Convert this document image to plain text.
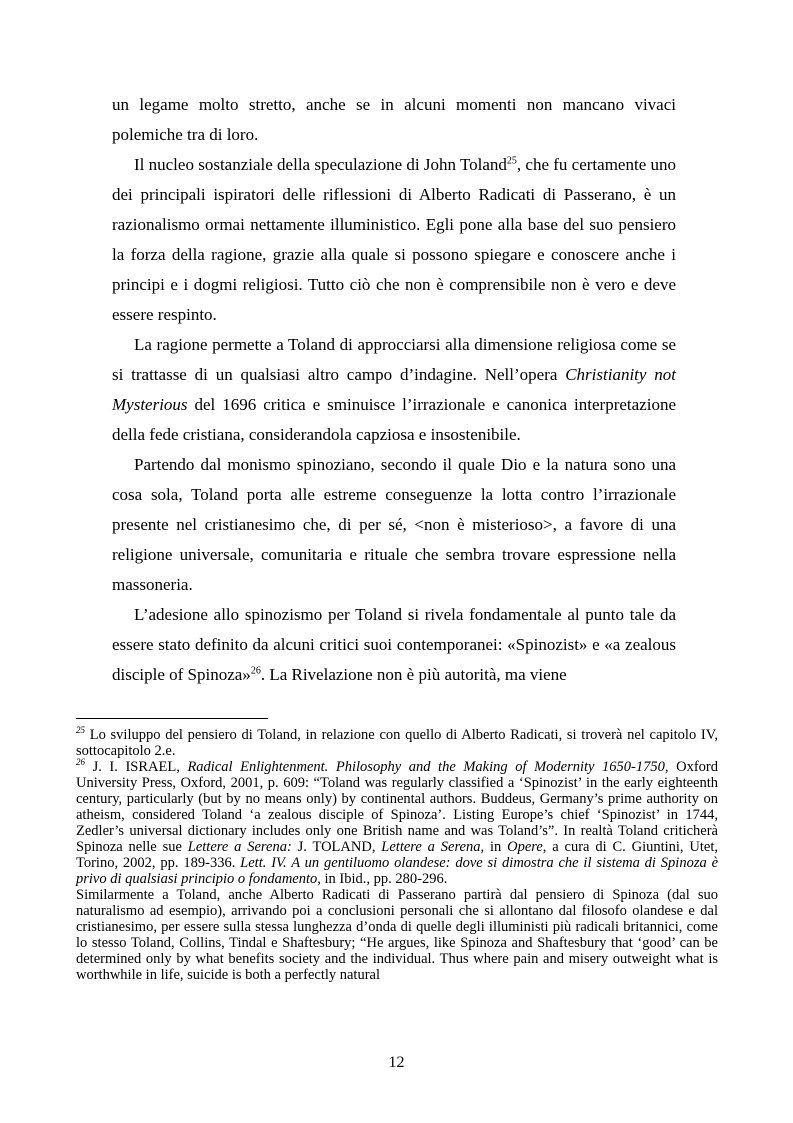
un legame molto stretto, anche se in alcuni momenti non mancano vivaci polemiche tra di loro.

Il nucleo sostanziale della speculazione di John Toland$^{25}$, che fu certamente uno dei principali ispiratori delle riflessioni di Alberto Radicati di Passerano, è un razionalismo ormai nettamente illuministico. Egli pone alla base del suo pensiero la forza della ragione, grazie alla quale si possono spiegare e conoscere anche i principi e i dogmi religiosi. Tutto ciò che non è comprensibile non è vero e deve essere respinto.

La ragione permette a Toland di approcciarsi alla dimensione religiosa come se si trattasse di un qualsiasi altro campo d’indagine. Nell’opera Christianity not Mysterious del 1696 critica e sminuisce l’irrazionale e canonica interpretazione della fede cristiana, considerandola capziosa e insostenibile.

Partendo dal monismo spinoziano, secondo il quale Dio e la natura sono una cosa sola, Toland porta alle estreme conseguenze la lotta contro l’irrazionale presente nel cristianesimo che, di per sé, <non è misterioso>, a favore di una religione universale, comunitaria e rituale che sembra trovare espressione nella massoneria.

L’adesione allo spinozismo per Toland si rivela fondamentale al punto tale da essere stato definito da alcuni critici suoi contemporanei: «Spinozist» e «a zealous disciple of Spinoza»$^{26}$. La Rivelazione non è più autorità, ma viene

$^{25}$ Lo sviluppo del pensiero di Toland, in relazione con quello di Alberto Radicati, si troverà nel capitolo IV, sottocapitolo 2.e.

$^{26}$ J. I. ISRAEL, Radical Enlightenment. Philosophy and the Making of Modernity 1650-1750, Oxford University Press, Oxford, 2001, p. 609: “Toland was regularly classified a ‘Spinozist’ in the early eighteenth century, particularly (but by no means only) by continental authors. Buddeus, Germany’s prime authority on atheism, considered Toland ‘a zealous disciple of Spinoza’. Listing Europe’s chief ‘Spinozist’ in 1744, Zedler’s universal dictionary includes only one British name and was Toland’s”. In realtà Toland criticherà Spinoza nelle sue Lettere a Serena: J. TOLAND, Lettere a Serena, in Opere, a cura di C. Giuntini, Utet, Torino, 2002, pp. 189-336. Lett. IV. A un gentiluomo olandese: dove si dimostra che il sistema di Spinoza è privo di qualsiasi principio o fondamento, in Ibid., pp. 280-296.

Similarmente a Toland, anche Alberto Radicati di Passerano partirà dal pensiero di Spinoza (dal suo naturalismo ad esempio), arrivando poi a conclusioni personali che si allontano dal filosofo olandese e dal cristianesimo, per essere sulla stessa lunghezza d’onda di quelle degli illuministi più radicali britannici, come lo stesso Toland, Collins, Tindal e Shaftesbury; “He argues, like Spinoza and Shaftesbury that ‘good’ can be determined only by what benefits society and the individual. Thus where pain and misery outweight what is worthwhile in life, suicide is both a perfectly natural

12
